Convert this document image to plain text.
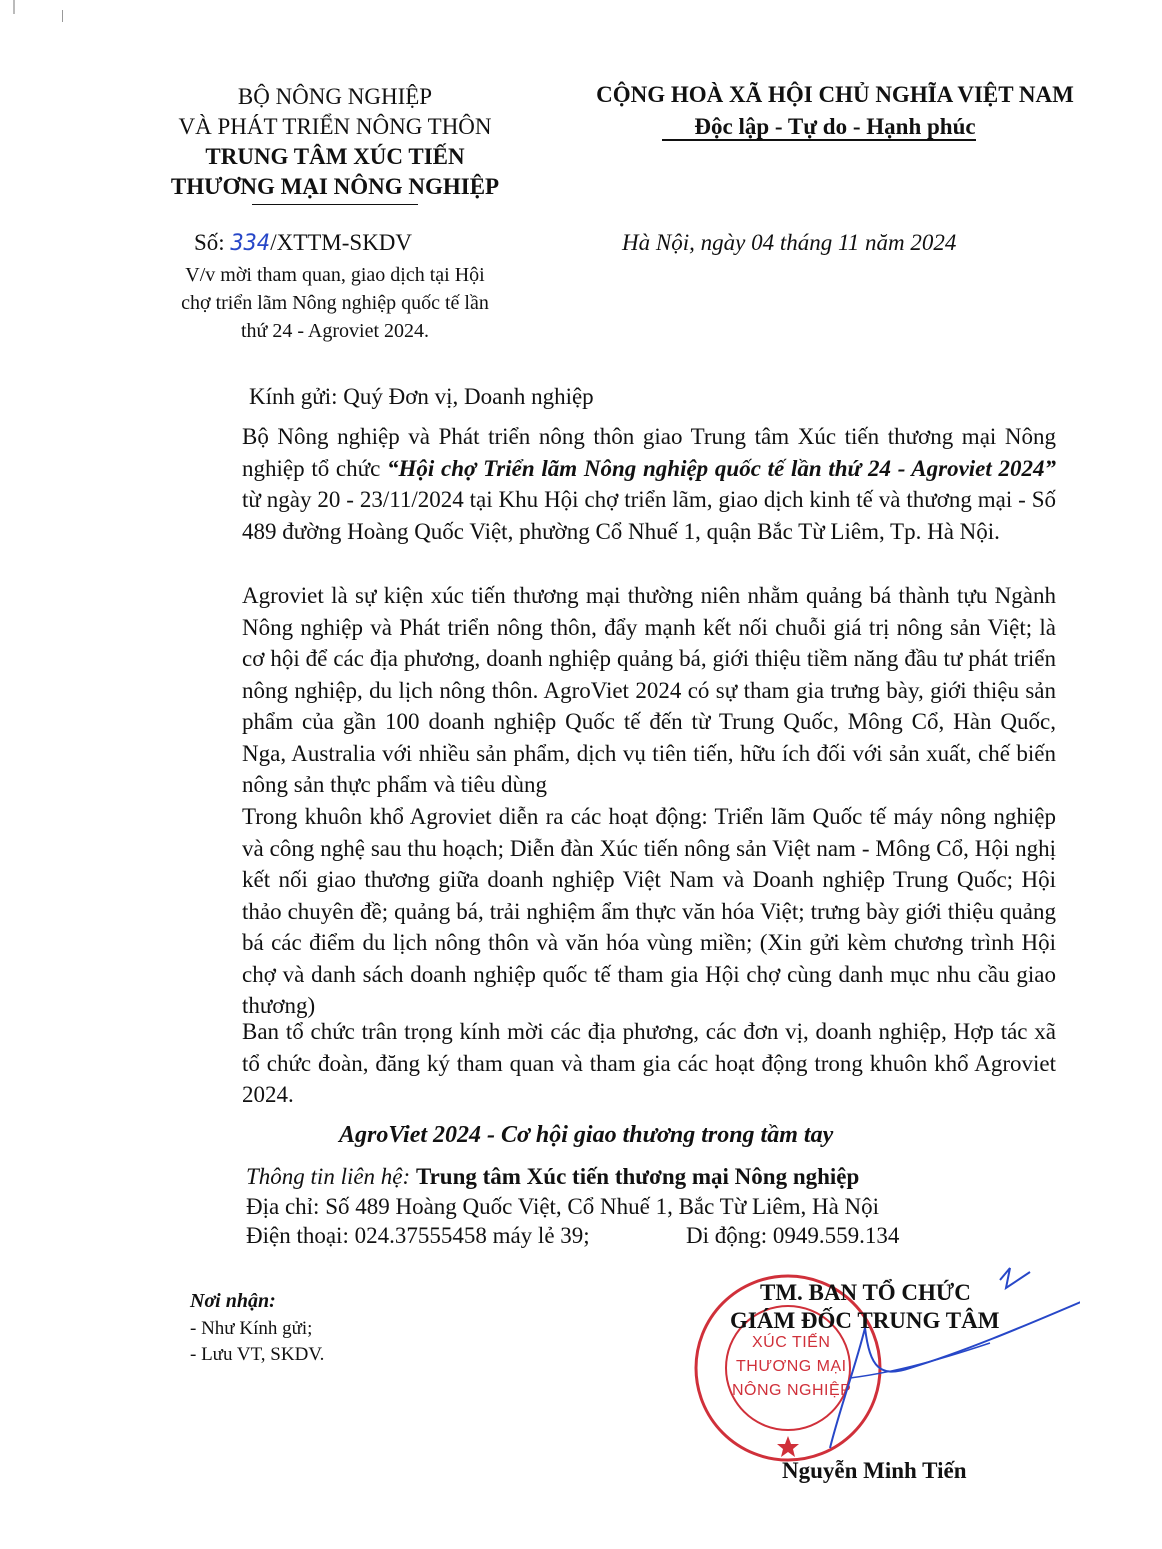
BỘ NÔNG NGHIỆP
VÀ PHÁT TRIỂN NÔNG THÔN
TRUNG TÂM XÚC TIẾN
THƯƠNG MẠI NÔNG NGHIỆP
CỘNG HOÀ XÃ HỘI CHỦ NGHĨA VIỆT NAM
Độc lập - Tự do - Hạnh phúc
Số: 334/XTTM-SKDV
V/v mời tham quan, giao dịch tại Hội
chợ triển lãm Nông nghiệp quốc tế lần
thứ 24 - Agroviet 2024.
Hà Nội, ngày 04 tháng 11 năm 2024
Kính gửi: Quý Đơn vị, Doanh nghiệp
Bộ Nông nghiệp và Phát triển nông thôn giao Trung tâm Xúc tiến thương mại Nông nghiệp tổ chức “Hội chợ Triển lãm Nông nghiệp quốc tế lần thứ 24 - Agroviet 2024” từ ngày 20 - 23/11/2024 tại Khu Hội chợ triển lãm, giao dịch kinh tế và thương mại - Số 489 đường Hoàng Quốc Việt, phường Cổ Nhuế 1, quận Bắc Từ Liêm, Tp. Hà Nội.
Agroviet là sự kiện xúc tiến thương mại thường niên nhằm quảng bá thành tựu Ngành Nông nghiệp và Phát triển nông thôn, đẩy mạnh kết nối chuỗi giá trị nông sản Việt; là cơ hội để các địa phương, doanh nghiệp quảng bá, giới thiệu tiềm năng đầu tư phát triển nông nghiệp, du lịch nông thôn. AgroViet 2024 có sự tham gia trưng bày, giới thiệu sản phẩm của gần 100 doanh nghiệp Quốc tế đến từ Trung Quốc, Mông Cổ, Hàn Quốc, Nga, Australia với nhiều sản phẩm, dịch vụ tiên tiến, hữu ích đối với sản xuất, chế biến nông sản thực phẩm và tiêu dùng
Trong khuôn khổ Agroviet diễn ra các hoạt động: Triển lãm Quốc tế máy nông nghiệp và công nghệ sau thu hoạch; Diễn đàn Xúc tiến nông sản Việt nam - Mông Cổ, Hội nghị kết nối giao thương giữa doanh nghiệp Việt Nam và Doanh nghiệp Trung Quốc; Hội thảo chuyên đề; quảng bá, trải nghiệm ẩm thực văn hóa Việt; trưng bày giới thiệu quảng bá các điểm du lịch nông thôn và văn hóa vùng miền; (Xin gửi kèm chương trình Hội chợ và danh sách doanh nghiệp quốc tế tham gia Hội chợ cùng danh mục nhu cầu giao thương)
Ban tổ chức trân trọng kính mời các địa phương, các đơn vị, doanh nghiệp, Hợp tác xã tổ chức đoàn, đăng ký tham quan và tham gia các hoạt động trong khuôn khổ Agroviet 2024.
AgroViet 2024 - Cơ hội giao thương trong tầm tay
Thông tin liên hệ: Trung tâm Xúc tiến thương mại Nông nghiệp
Địa chỉ: Số 489 Hoàng Quốc Việt, Cổ Nhuế 1, Bắc Từ Liêm, Hà Nội
Điện thoại: 024.37555458 máy lẻ 39;	Di động: 0949.559.134
Nơi nhận:
- Như Kính gửi;
- Lưu VT, SKDV.
XÚC TIẾN
THƯƠNG MẠI
NÔNG NGHIỆP
TM. BAN TỔ CHỨC
GIÁM ĐỐC TRUNG TÂM
Nguyễn Minh Tiến
